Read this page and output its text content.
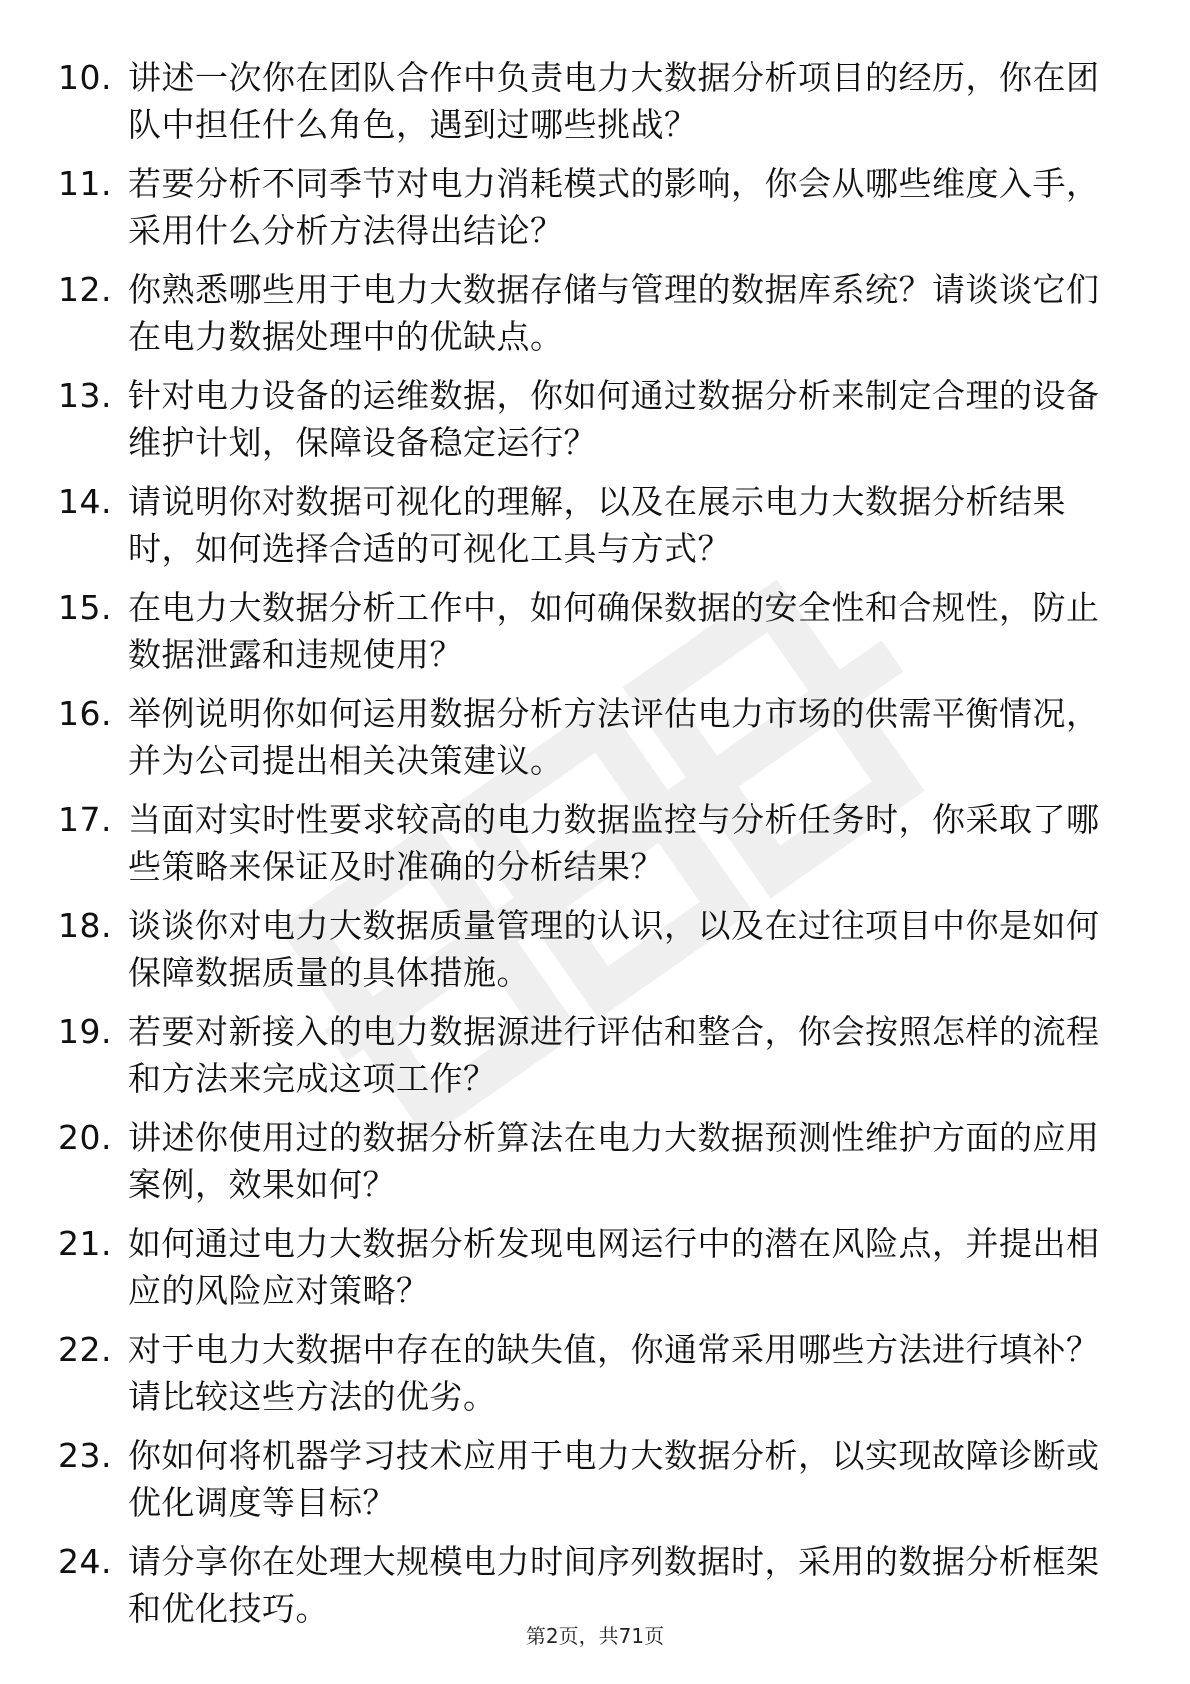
10. 讲述一次你在团队合作中负责电力大数据分析项目的经历，你在团队中担任什么角色，遇到过哪些挑战？
11. 若要分析不同季节对电力消耗模式的影响，你会从哪些维度入手，采用什么分析方法得出结论？
12. 你熟悉哪些用于电力大数据存储与管理的数据库系统？请谈谈它们在电力数据处理中的优缺点。
13. 针对电力设备的运维数据，你如何通过数据分析来制定合理的设备维护计划，保障设备稳定运行？
14. 请说明你对数据可视化的理解，以及在展示电力大数据分析结果时，如何选择合适的可视化工具与方式？
15. 在电力大数据分析工作中，如何确保数据的安全性和合规性，防止数据泄露和违规使用？
16. 举例说明你如何运用数据分析方法评估电力市场的供需平衡情况，并为公司提出相关决策建议。
17. 当面对实时性要求较高的电力数据监控与分析任务时，你采取了哪些策略来保证及时准确的分析结果？
18. 谈谈你对电力大数据质量管理的认识，以及在过往项目中你是如何保障数据质量的具体措施。
19. 若要对新接入的电力数据源进行评估和整合，你会按照怎样的流程和方法来完成这项工作？
20. 讲述你使用过的数据分析算法在电力大数据预测性维护方面的应用案例，效果如何？
21. 如何通过电力大数据分析发现电网运行中的潜在风险点，并提出相应的风险应对策略？
22. 对于电力大数据中存在的缺失值，你通常采用哪些方法进行填补？请比较这些方法的优劣。
23. 你如何将机器学习技术应用于电力大数据分析，以实现故障诊断或优化调度等目标？
24. 请分享你在处理大规模电力时间序列数据时，采用的数据分析框架和优化技巧。
第2页，共71页
